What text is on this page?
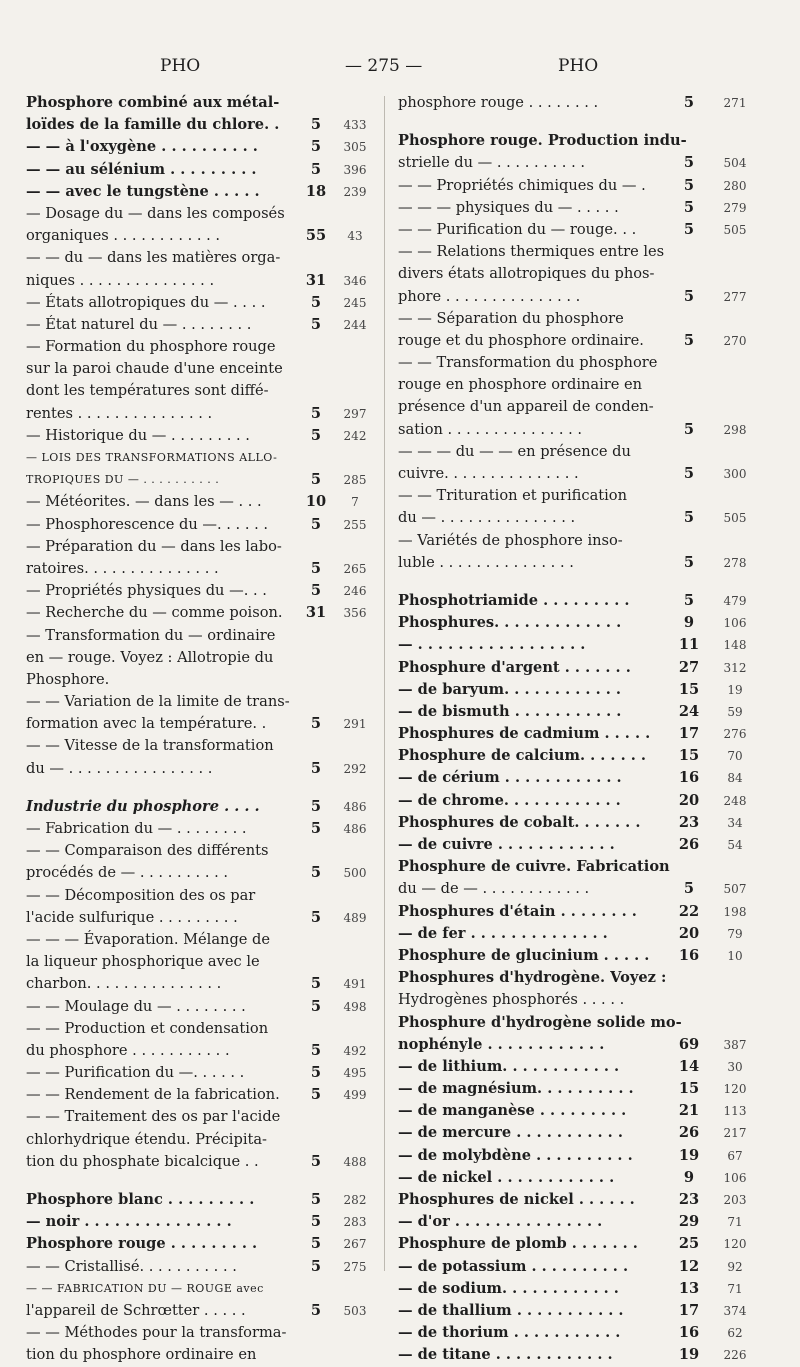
PHO	— 275 —	PHO
Phosphore combiné aux métal-
loïdes de la famille du chlore. .	5	433
— — à l'oxygène . . . . . . . . . .	5	305
— — au sélénium . . . . . . . . .	5	396
— — avec le tungstène . . . . .	18	239
— Dosage du — dans les composés
organiques . . . . . . . . . . . .	55	43
— — du — dans les matières orga-
niques . . . . . . . . . . . . . . .	31	346
— États allotropiques du — . . . .	5	245
— État naturel du — . . . . . . . .	5	244
— Formation du phosphore rouge
sur la paroi chaude d'une enceinte
dont les températures sont diffé-
rentes . . . . . . . . . . . . . . .	5	297
— Historique du — . . . . . . . . .	5	242
— LOIS DES TRANSFORMATIONS ALLO-
TROPIQUES DU — . . . . . . . . . .	5	285
— Météorites. — dans les — . . .	10	7
— Phosphorescence du —. . . . . .	5	255
— Préparation du — dans les labo-
ratoires. . . . . . . . . . . . . . .	5	265
— Propriétés physiques du —. . .	5	246
— Recherche du — comme poison. 31	356
— Transformation du — ordinaire
en — rouge. Voyez : Allotropie du
Phosphore.
— — Variation de la limite de trans-
formation avec la température. .	5	291
— — Vitesse de la transformation
du — . . . . . . . . . . . . . . . .	5	292
Industrie du phosphore . . . .	5	486
— Fabrication du — . . . . . . . .	5	486
— — Comparaison des différents
procédés de — . . . . . . . . . .	5	500
— — Décomposition des os par
l'acide sulfurique . . . . . . . . .	5	489
— — — Évaporation. Mélange de
la liqueur phosphorique avec le
charbon. . . . . . . . . . . . . . .	5	491
— — Moulage du — . . . . . . . .	5	498
— — Production et condensation
du phosphore . . . . . . . . . . .	5	492
— — Purification du —. . . . . .	5	495
— — Rendement de la fabrication.	5	499
— — Traitement des os par l'acide
chlorhydrique étendu. Précipita-
tion du phosphate bicalcique . .	5	488
Phosphore blanc . . . . . . . . .	5	282
— noir . . . . . . . . . . . . . . .	5	283
Phosphore rouge . . . . . . . . .	5	267
— — Cristallisé. . . . . . . . . . .	5	275
— — FABRICATION DU — ROUGE avec
l'appareil de Schrœtter . . . . .	5	503
— — Méthodes pour la transforma-
tion du phosphore ordinaire en
phosphore rouge . . . . . . . .	5	271
Phosphore rouge. Production indu-
strielle du — . . . . . . . . . .	5	504
— — Propriétés chimiques du — .	5	280
— — — physiques du — . . . . .	5	279
— — Purification du — rouge. . .	5	505
— — Relations thermiques entre les
divers états allotropiques du phos-
phore . . . . . . . . . . . . . . .	5	277
— — Séparation du phosphore
rouge et du phosphore ordinaire.	5	270
— — Transformation du phosphore
rouge en phosphore ordinaire en
présence d'un appareil de conden-
sation . . . . . . . . . . . . . . .	5	298
— — — du — — en présence du
cuivre. . . . . . . . . . . . . . .	5	300
— — Trituration et purification
du — . . . . . . . . . . . . . . .	5	505
— Variétés de phosphore inso-
luble . . . . . . . . . . . . . . .	5	278
Phosphotriamide . . . . . . . . .	5	479
Phosphures. . . . . . . . . . . . .	9	106
— . . . . . . . . . . . . . . . . .	11	148
Phosphure d'argent . . . . . . .	27	312
— de baryum. . . . . . . . . . . .	15	19
— de bismuth . . . . . . . . . . .	24	59
Phosphures de cadmium . . . . . 17	276
Phosphure de calcium. . . . . . . 15	70
— de cérium . . . . . . . . . . . .	16	84
— de chrome. . . . . . . . . . . .	20	248
Phosphures de cobalt. . . . . . .	23	34
— de cuivre . . . . . . . . . . . .	26	54
Phosphure de cuivre. Fabrication
du — de — . . . . . . . . . . . .	5	507
Phosphures d'étain . . . . . . . .	22	198
— de fer . . . . . . . . . . . . . .	20	79
Phosphure de glucinium . . . . . 16	10
Phosphures d'hydrogène. Voyez :
Hydrogènes phosphorés . . . . .
Phosphure d'hydrogène solide mo-
nophényle . . . . . . . . . . . .	69	387
— de lithium. . . . . . . . . . . .	14	30
— de magnésium. . . . . . . . . .	15	120
— de manganèse . . . . . . . . .	21	113
— de mercure . . . . . . . . . . .	26	217
— de molybdène . . . . . . . . . .	19	67
— de nickel . . . . . . . . . . . .	9	106
Phosphures de nickel . . . . . .	23	203
— d'or . . . . . . . . . . . . . . .	29	71
Phosphure de plomb . . . . . . .	25	120
— de potassium . . . . . . . . . .	12	92
— de sodium. . . . . . . . . . . .	13	71
— de thallium . . . . . . . . . . .	17	374
— de thorium . . . . . . . . . . .	16	62
— de titane . . . . . . . . . . . .	19	226
